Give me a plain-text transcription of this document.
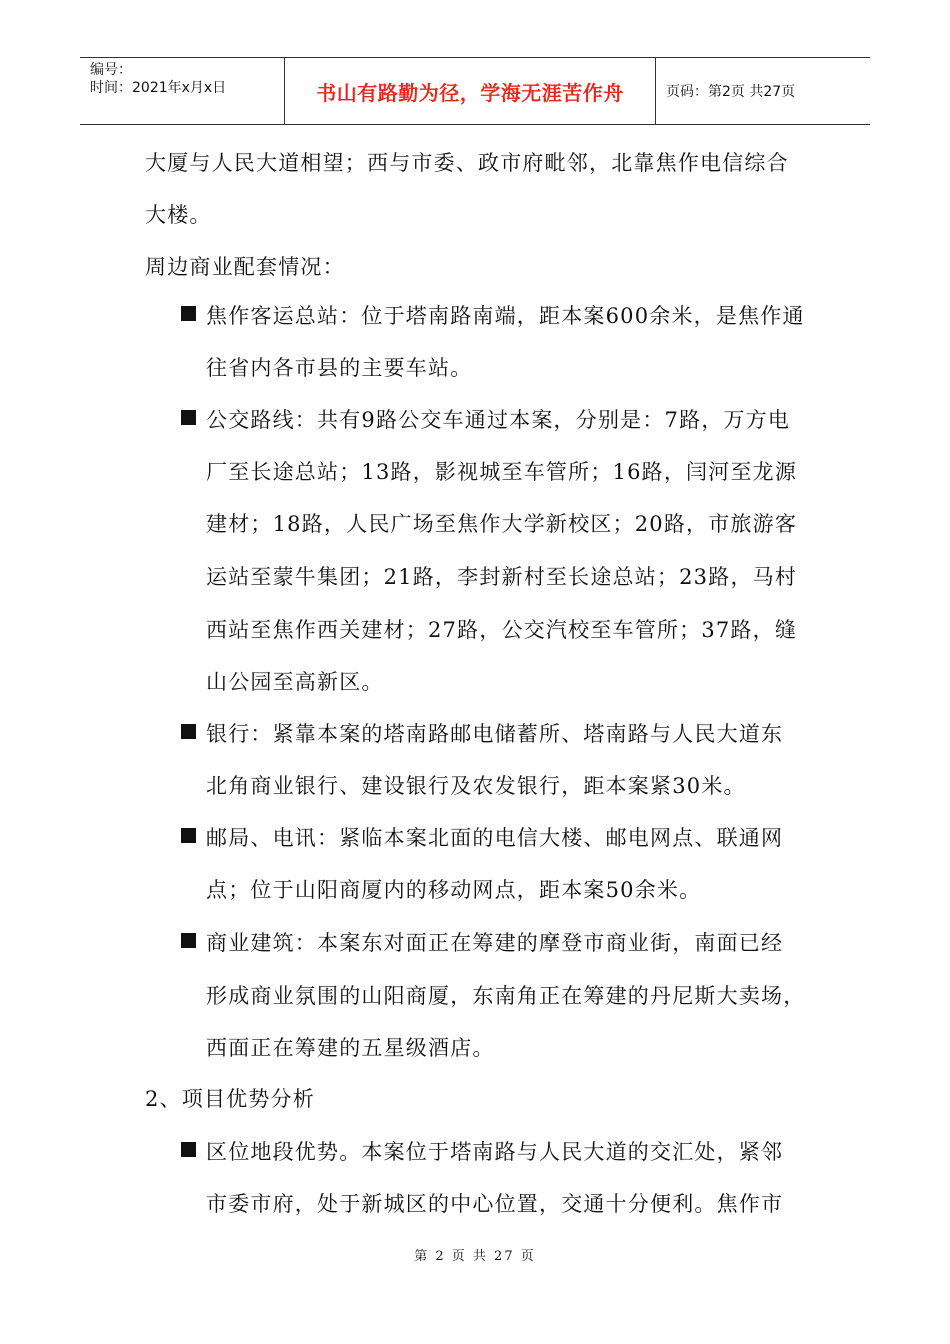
编号：
时间：2021年x月x日	书山有路勤为径，学海无涯苦作舟	页码：第2页 共27页
大厦与人民大道相望；西与市委、政市府毗邻，北靠焦作电信综合
大楼。
周边商业配套情况：
焦作客运总站：位于塔南路南端，距本案600余米，是焦作通
往省内各市县的主要车站。
公交路线：共有9路公交车通过本案，分别是：7路，万方电
厂至长途总站；13路，影视城至车管所；16路，闫河至龙源
建材；18路，人民广场至焦作大学新校区；20路，市旅游客
运站至蒙牛集团；21路，李封新村至长途总站；23路，马村
西站至焦作西关建材；27路，公交汽校至车管所；37路，缝
山公园至高新区。
银行：紧靠本案的塔南路邮电储蓄所、塔南路与人民大道东
北角商业银行、建设银行及农发银行，距本案紧30米。
邮局、电讯：紧临本案北面的电信大楼、邮电网点、联通网
点；位于山阳商厦内的移动网点，距本案50余米。
商业建筑：本案东对面正在筹建的摩登市商业街，南面已经
形成商业氛围的山阳商厦，东南角正在筹建的丹尼斯大卖场，
西面正在筹建的五星级酒店。
2、项目优势分析
区位地段优势。本案位于塔南路与人民大道的交汇处，紧邻
市委市府，处于新城区的中心位置，交通十分便利。焦作市
第 2 页 共 27 页
